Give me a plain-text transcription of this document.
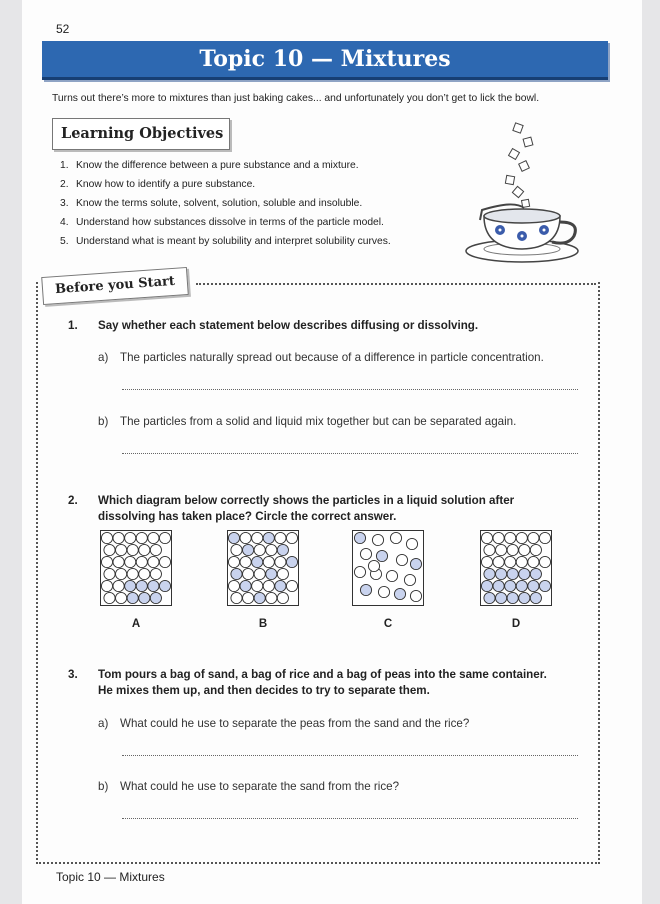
52
Topic 10 — Mixtures
Turns out there’s more to mixtures than just baking cakes... and unfortunately you don’t get to lick the bowl.
Learning Objectives
1. Know the difference between a pure substance and a mixture.
2. Know how to identify a pure substance.
3. Know the terms solute, solvent, solution, soluble and insoluble.
4. Understand how substances dissolve in terms of the particle model.
5. Understand what is meant by solubility and interpret solubility curves.
Before you Start
1. Say whether each statement below describes diffusing or dissolving.
a) The particles naturally spread out because of a difference in particle concentration.
b) The particles from a solid and liquid mix together but can be separated again.
2. Which diagram below correctly shows the particles in a liquid solution after
dissolving has taken place? Circle the correct answer.
A	B	C	D
3. Tom pours a bag of sand, a bag of rice and a bag of peas into the same container.
He mixes them up, and then decides to try to separate them.
a) What could he use to separate the peas from the sand and the rice?
b) What could he use to separate the sand from the rice?
Topic 10 — Mixtures
